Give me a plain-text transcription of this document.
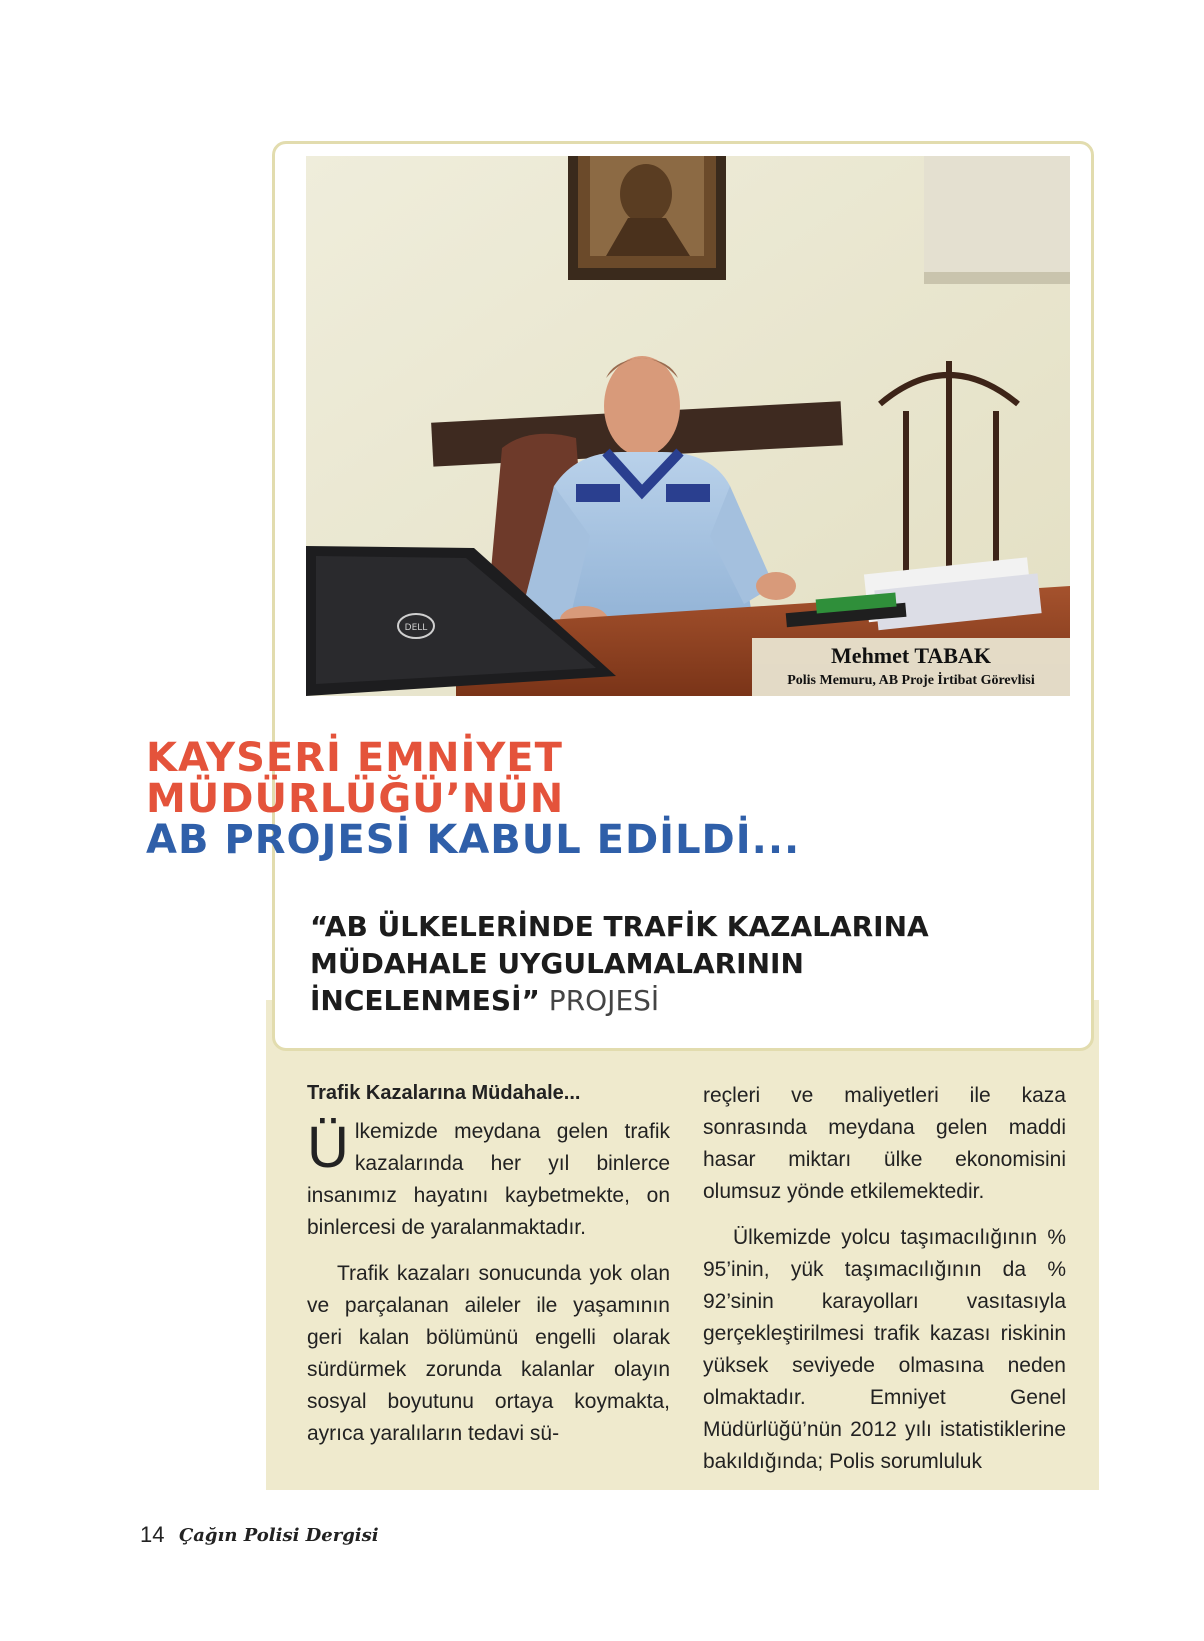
DELL
Mehmet TABAK
Polis Memuru, AB Proje İrtibat Görevlisi
KAYSERİ EMNİYET
MÜDÜRLÜĞÜ’NÜN
AB PROJESİ KABUL EDİLDİ...
“AB ÜLKELERİNDE TRAFİK KAZALARINA
MÜDAHALE UYGULAMALARININ
İNCELENMESİ” PROJESİ
Trafik Kazalarına Müdahale...

Ülkemizde meydana gelen trafik kazalarında her yıl binlerce insanımız hayatını kaybetmekte, on binlercesi de yaralanmaktadır.

Trafik kazaları sonucunda yok olan ve parçalanan aileler ile yaşamının geri kalan bölümünü engelli olarak sürdürmek zorunda kalanlar olayın sosyal boyutunu ortaya koymakta, ayrıca yaralıların tedavi sü-

reçleri ve maliyetleri ile kaza sonrasında meydana gelen maddi hasar miktarı ülke ekonomisini olumsuz yönde etkilemektedir.

Ülkemizde yolcu taşımacılığının % 95’inin, yük taşımacılığının da % 92’sinin karayolları vasıtasıyla gerçekleştirilmesi trafik kazası riskinin yüksek seviyede olmasına neden olmaktadır. Emniyet Genel Müdürlüğü’nün 2012 yılı istatistiklerine bakıldığında; Polis sorumluluk

14 Çağın Polisi Dergisi
